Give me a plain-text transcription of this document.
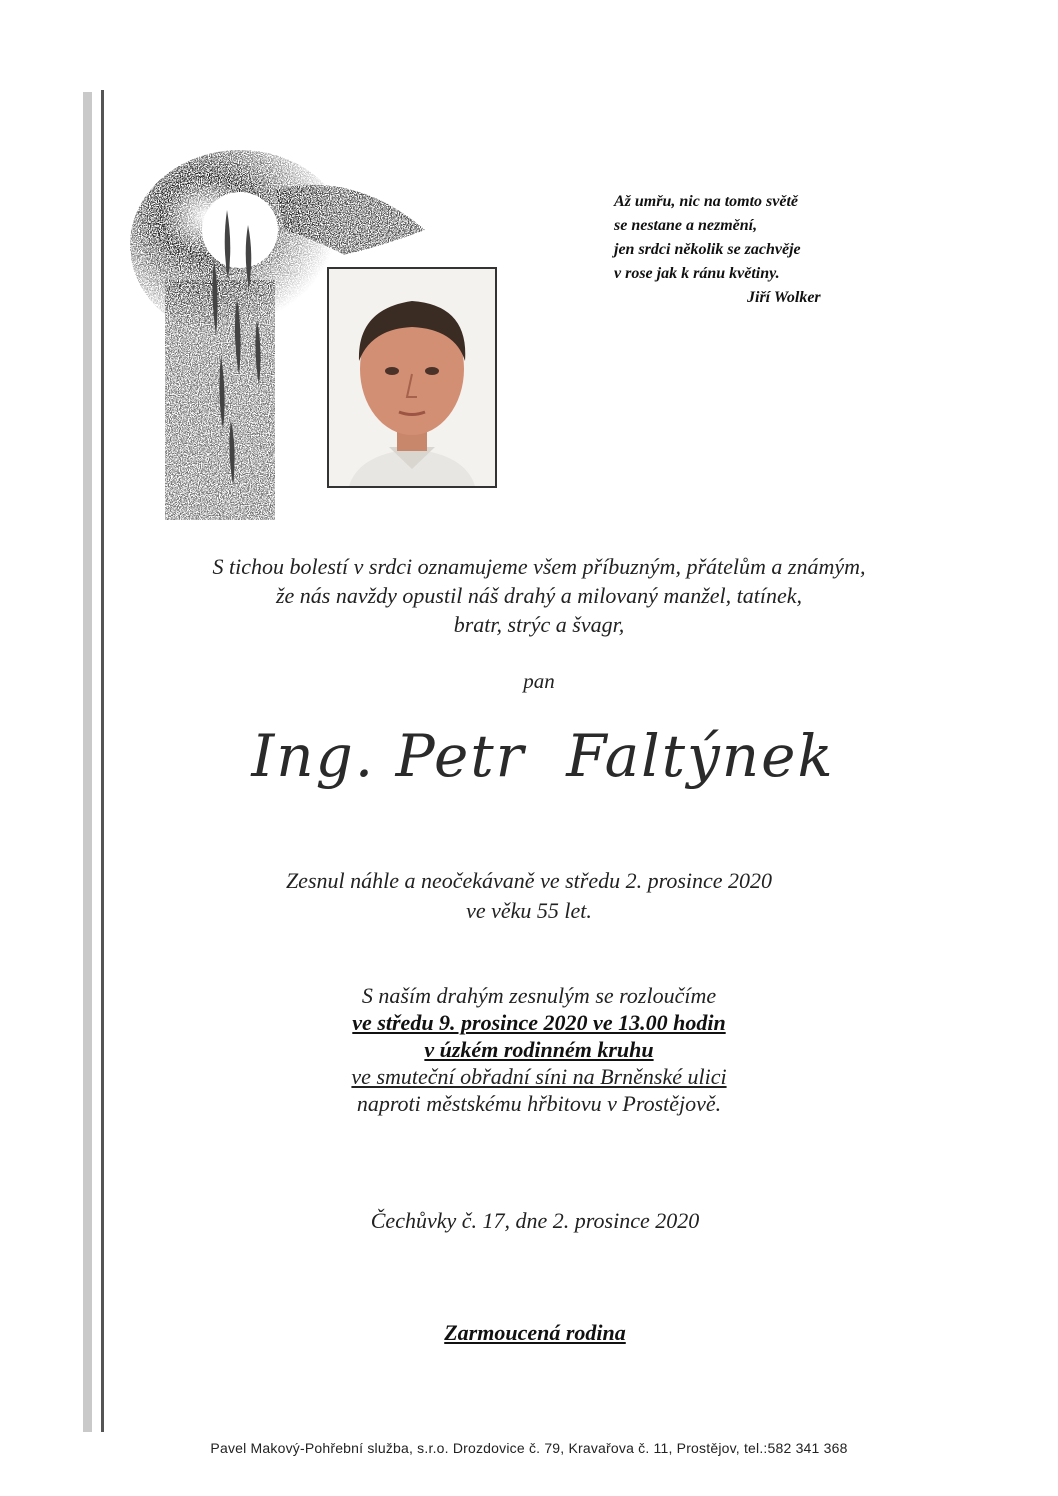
Až umřu, nic na tomto světě
se nestane a nezmění,
jen srdci několik se zachvěje
v rose jak k ránu květiny.
Jiří Wolker
S tichou bolestí v srdci oznamujeme všem příbuzným, přátelům a známým,
že nás navždy opustil náš drahý a milovaný manžel, tatínek,
bratr, strýc a švagr,
pan
Ing. Petr  Faltýnek
Zesnul náhle a neočekávaně ve středu 2. prosince 2020
ve věku 55 let.
S naším drahým zesnulým se rozloučíme
ve středu 9. prosince 2020 ve 13.00 hodin
v úzkém rodinném kruhu
ve smuteční obřadní síni na Brněnské ulici
naproti městskému hřbitovu v Prostějově.
Čechůvky č. 17, dne 2. prosince 2020
Zarmoucená rodina
Pavel Makový-Pohřební služba, s.r.o. Drozdovice č. 79, Kravařova č. 11, Prostějov, tel.:582 341 368
